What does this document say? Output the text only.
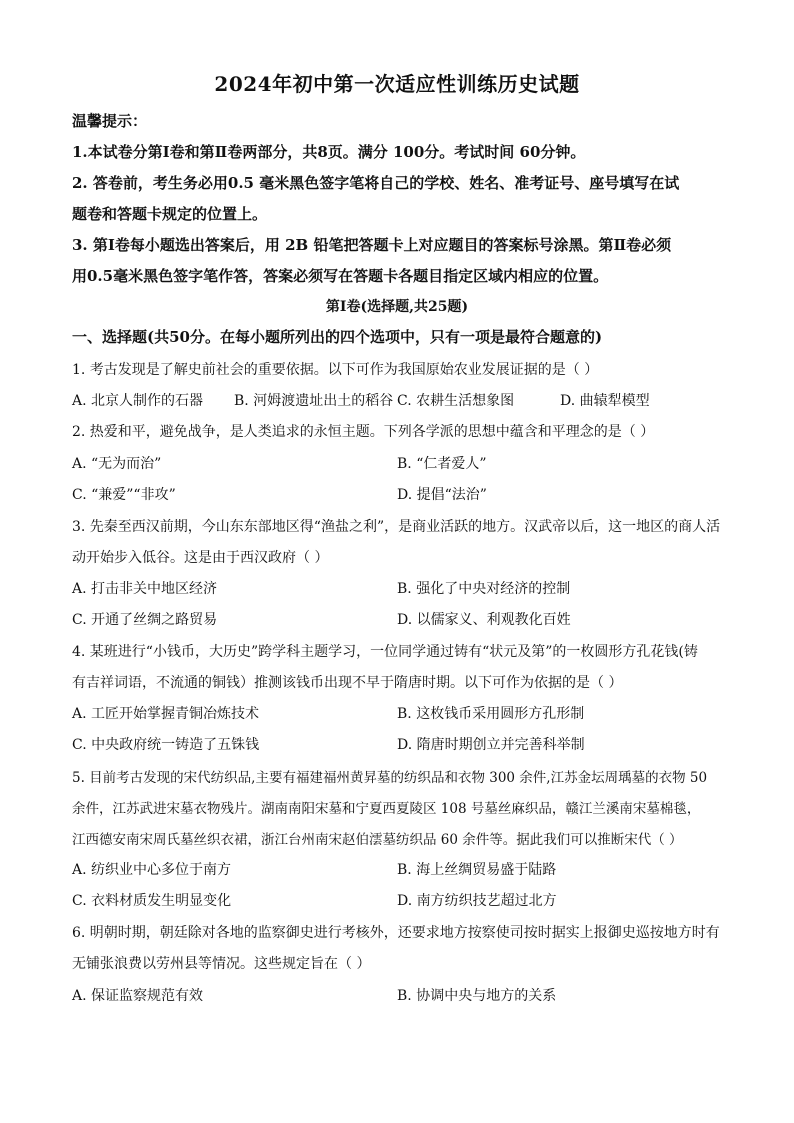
2024年初中第一次适应性训练历史试题
温馨提示：
1.本试卷分第Ⅰ卷和第Ⅱ卷两部分，共8页。满分 100分。考试时间 60分钟。
2. 答卷前，考生务必用0.5 毫米黑色签字笔将自己的学校、姓名、准考证号、座号填写在试
题卷和答题卡规定的位置上。
3. 第Ⅰ卷每小题选出答案后，用 2B 铅笔把答题卡上对应题目的答案标号涂黑。第Ⅱ卷必须
用0.5毫米黑色签字笔作答，答案必须写在答题卡各题目指定区域内相应的位置。
第Ⅰ卷(选择题,共25题)
一、选择题(共50分。在每小题所列出的四个选项中，只有一项是最符合题意的)
1. 考古发现是了解史前社会的重要依据。以下可作为我国原始农业发展证据的是（ ）
A. 北京人制作的石器 B. 河姆渡遗址出土的稻谷 C. 农耕生活想象图	D. 曲辕犁模型
2. 热爱和平，避免战争，是人类追求的永恒主题。下列各学派的思想中蕴含和平理念的是（ ）
A. “无为而治”	B. “仁者爱人”
C. “兼爱”“非攻”	D. 提倡“法治”
3. 先秦至西汉前期，今山东东部地区得“渔盐之利”，是商业活跃的地方。汉武帝以后，这一地区的商人活
动开始步入低谷。这是由于西汉政府（ ）
A. 打击非关中地区经济	B. 强化了中央对经济的控制
C. 开通了丝绸之路贸易	D. 以儒家义、利观教化百姓
4. 某班进行“小钱币，大历史”跨学科主题学习，一位同学通过铸有“状元及第”的一枚圆形方孔花钱(铸
有吉祥词语，不流通的铜钱）推测该钱币出现不早于隋唐时期。以下可作为依据的是（ ）
A. 工匠开始掌握青铜冶炼技术	B. 这枚钱币采用圆形方孔形制
C. 中央政府统一铸造了五铢钱	D. 隋唐时期创立并完善科举制
5. 目前考古发现的宋代纺织品,主要有福建福州黄昇墓的纺织品和衣物 300 余件,江苏金坛周瑀墓的衣物 50
余件，江苏武进宋墓衣物残片。湖南南阳宋墓和宁夏西夏陵区 108 号墓丝麻织品，赣江兰溪南宋墓棉毯，
江西德安南宋周氏墓丝织衣裙，浙江台州南宋赵伯澐墓纺织品 60 余件等。据此我们可以推断宋代（ ）
A. 纺织业中心多位于南方	B. 海上丝绸贸易盛于陆路
C. 衣料材质发生明显变化	D. 南方纺织技艺超过北方
6. 明朝时期，朝廷除对各地的监察御史进行考核外，还要求地方按察使司按时据实上报御史巡按地方时有
无铺张浪费以劳州县等情况。这些规定旨在（ ）
A. 保证监察规范有效	B. 协调中央与地方的关系
